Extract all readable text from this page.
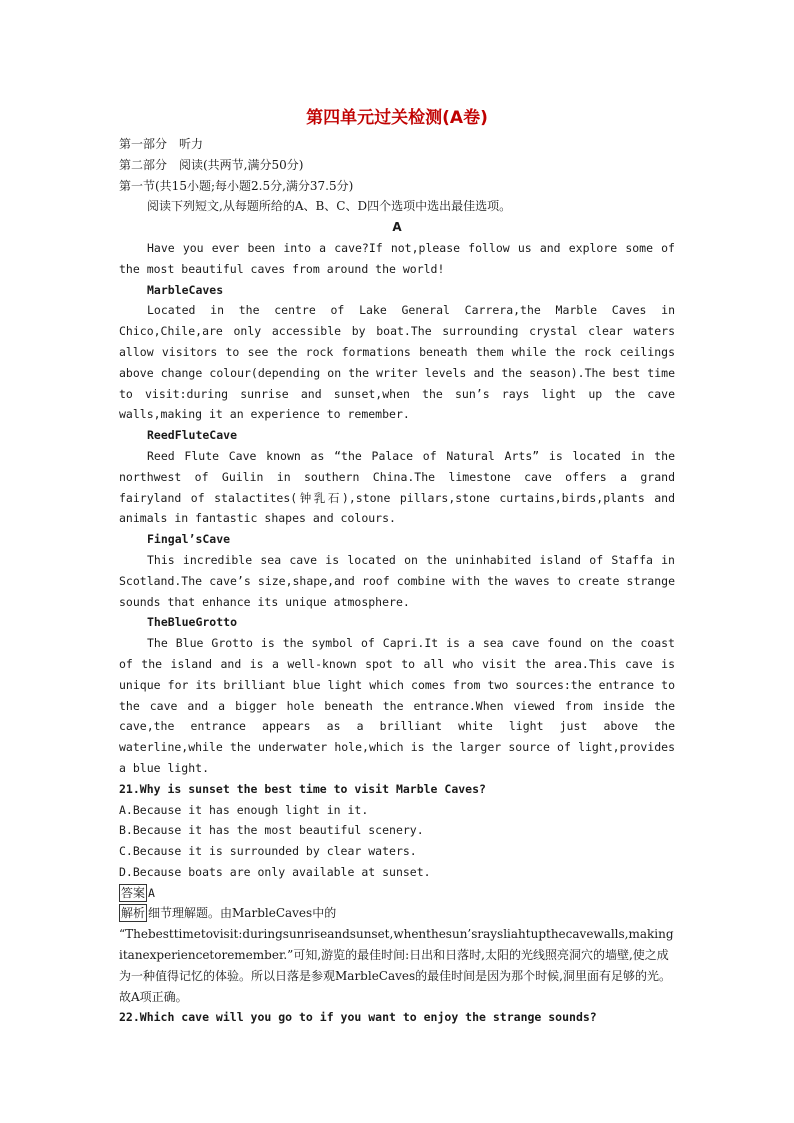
第四单元过关检测(A卷)
第一部分　听力
第二部分　阅读(共两节,满分50分)
第一节(共15小题;每小题2.5分,满分37.5分)
阅读下列短文,从每题所给的A、B、C、D四个选项中选出最佳选项。
A
Have you ever been into a cave?If not,please follow us and explore some of the most beautiful caves from around the world!
MarbleCaves
Located in the centre of Lake General Carrera,the Marble Caves in Chico,Chile,are only accessible by boat.The surrounding crystal clear waters allow visitors to see the rock formations beneath them while the rock ceilings above change colour(depending on the writer levels and the season).The best time to visit:during sunrise and sunset,when the sun’s rays light up the cave walls,making it an experience to remember.
ReedFluteCave
Reed Flute Cave known as “the Palace of Natural Arts” is located in the northwest of Guilin in southern China.The limestone cave offers a grand fairyland of stalactites(钟乳石),stone pillars,stone curtains,birds,plants and animals in fantastic shapes and colours.
Fingal’sCave
This incredible sea cave is located on the uninhabited island of Staffa in Scotland.The cave’s size,shape,and roof combine with the waves to create strange sounds that enhance its unique atmosphere.
TheBlueGrotto
The Blue Grotto is the symbol of Capri.It is a sea cave found on the coast of the island and is a well-known spot to all who visit the area.This cave is unique for its brilliant blue light which comes from two sources:the entrance to the cave and a bigger hole beneath the entrance.When viewed from inside the cave,the entrance appears as a brilliant white light just above the waterline,while the underwater hole,which is the larger source of light,provides a blue light.
21.Why is sunset the best time to visit Marble Caves?
A.Because it has enough light in it.
B.Because it has the most beautiful scenery.
C.Because it is surrounded by clear waters.
D.Because boats are only available at sunset.
答案 A
解析 细节理解题。由MarbleCaves中的
“Thebesttimetovisit:duringsunriseandsunset,whenthesun’sraysliahtupthecavewalls,makingitanexperiencetoremember.”可知,游览的最佳时间:日出和日落时,太阳的光线照亮洞穴的墙壁,使之成为一种值得记忆的体验。所以日落是参观MarbleCaves的最佳时间是因为那个时候,洞里面有足够的光。故A项正确。
22.Which cave will you go to if you want to enjoy the strange sounds?
